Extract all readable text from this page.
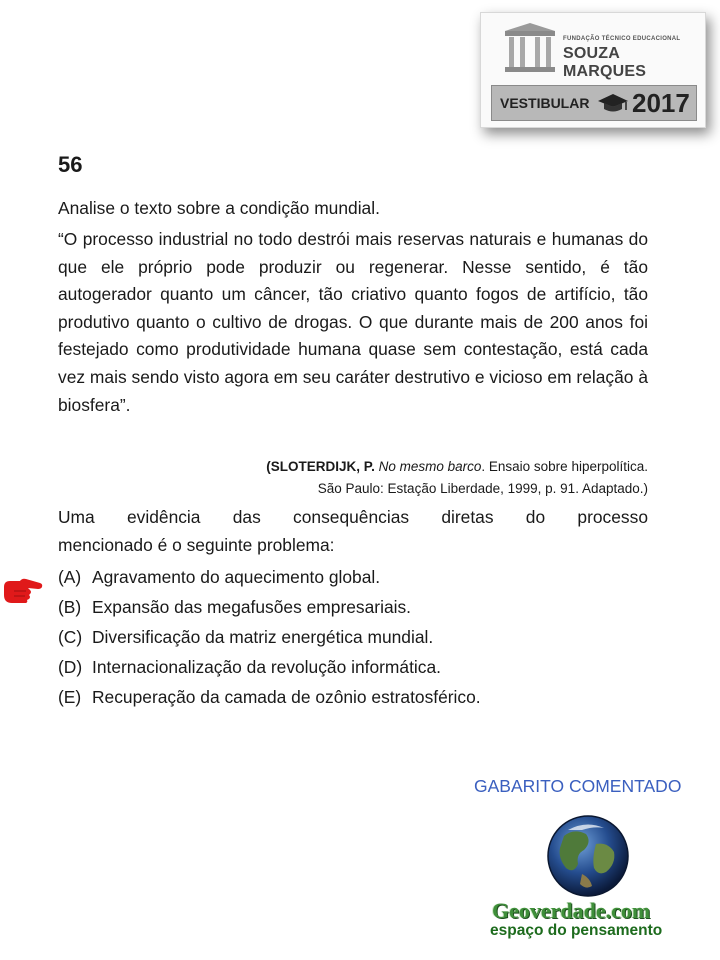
FUNDAÇÃO TÉCNICO EDUCACIONAL
SOUZA MARQUES
VESTIBULAR 2017
56
Analise o texto sobre a condição mundial.
“O processo industrial no todo destrói mais reservas naturais e humanas do que ele próprio pode produzir ou regenerar. Nesse sentido, é tão autogerador quanto um câncer, tão criativo quanto fogos de artifício, tão produtivo quanto o cultivo de drogas. O que durante mais de 200 anos foi festejado como produtividade humana quase sem contestação, está cada vez mais sendo visto agora em seu caráter destrutivo e vicioso em relação à biosfera”.
(SLOTERDIJK, P. No mesmo barco. Ensaio sobre hiperpolítica.
São Paulo: Estação Liberdade, 1999, p. 91. Adaptado.)
Uma evidência das consequências diretas do processo
mencionado é o seguinte problema:
(A) Agravamento do aquecimento global.
(B) Expansão das megafusões empresariais.
(C) Diversificação da matriz energética mundial.
(D) Internacionalização da revolução informática.
(E) Recuperação da camada de ozônio estratosférico.
GABARITO COMENTADO
Geoverdade.com
espaço do pensamento
